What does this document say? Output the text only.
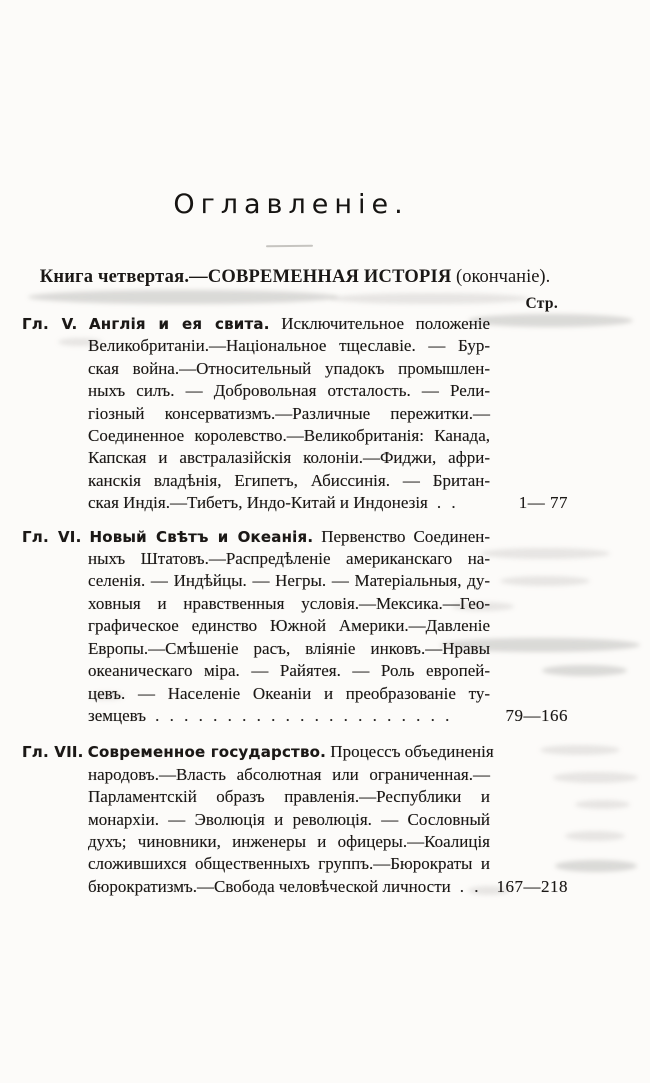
Оглавленіе.
Книга четвертая.—СОВРЕМЕННАЯ ИСТОРІЯ (окончаніе).
Стр.
Гл. V. Англія и ея свита. Исключительное положеніе
Великобританіи.—Національное тщеславіе. — Бур-
ская война.—Относительный упадокъ промышлен-
ныхъ силъ. — Добровольная отсталость. — Рели-
гіозный консерватизмъ.—Различные пережитки.—
Соединенное королевство.—Великобританія: Канада,
Капская и австралазійскія колоніи.—Фиджи, афри-
канскія владѣнія, Египетъ, Абиссинія. — Британ-
ская Индія.—Тибетъ, Индо-Китай и Индонезія . .	1— 77
Гл. VI. Новый Свѣтъ и Океанія. Первенство Соединен-
ныхъ Штатовъ.—Распредѣленіе американскаго на-
селенія. — Индѣйцы. — Негры. — Матеріальныя, ду-
ховныя и нравственныя условія.—Мексика.—Гео-
графическое единство Южной Америки.—Давленіе
Европы.—Смѣшеніе расъ, вліяніе инковъ.—Нравы
океаническаго міра. — Райятея. — Роль европей-
цевъ. — Населеніе Океаніи и преобразованіе ту-
земцевъ . . . . . . . . . . . . . . . . . . . . .	79—166
Гл. VII. Современное государство. Процессъ объединенія
народовъ.—Власть абсолютная или ограниченная.—
Парламентскій образъ правленія.—Республики и
монархіи. — Эволюція и революція. — Сословный
духъ; чиновники, инженеры и офицеры.—Коалиція
сложившихся общественныхъ группъ.—Бюрократы и
бюрократизмъ.—Свобода человѣческой личности . . 167—218
